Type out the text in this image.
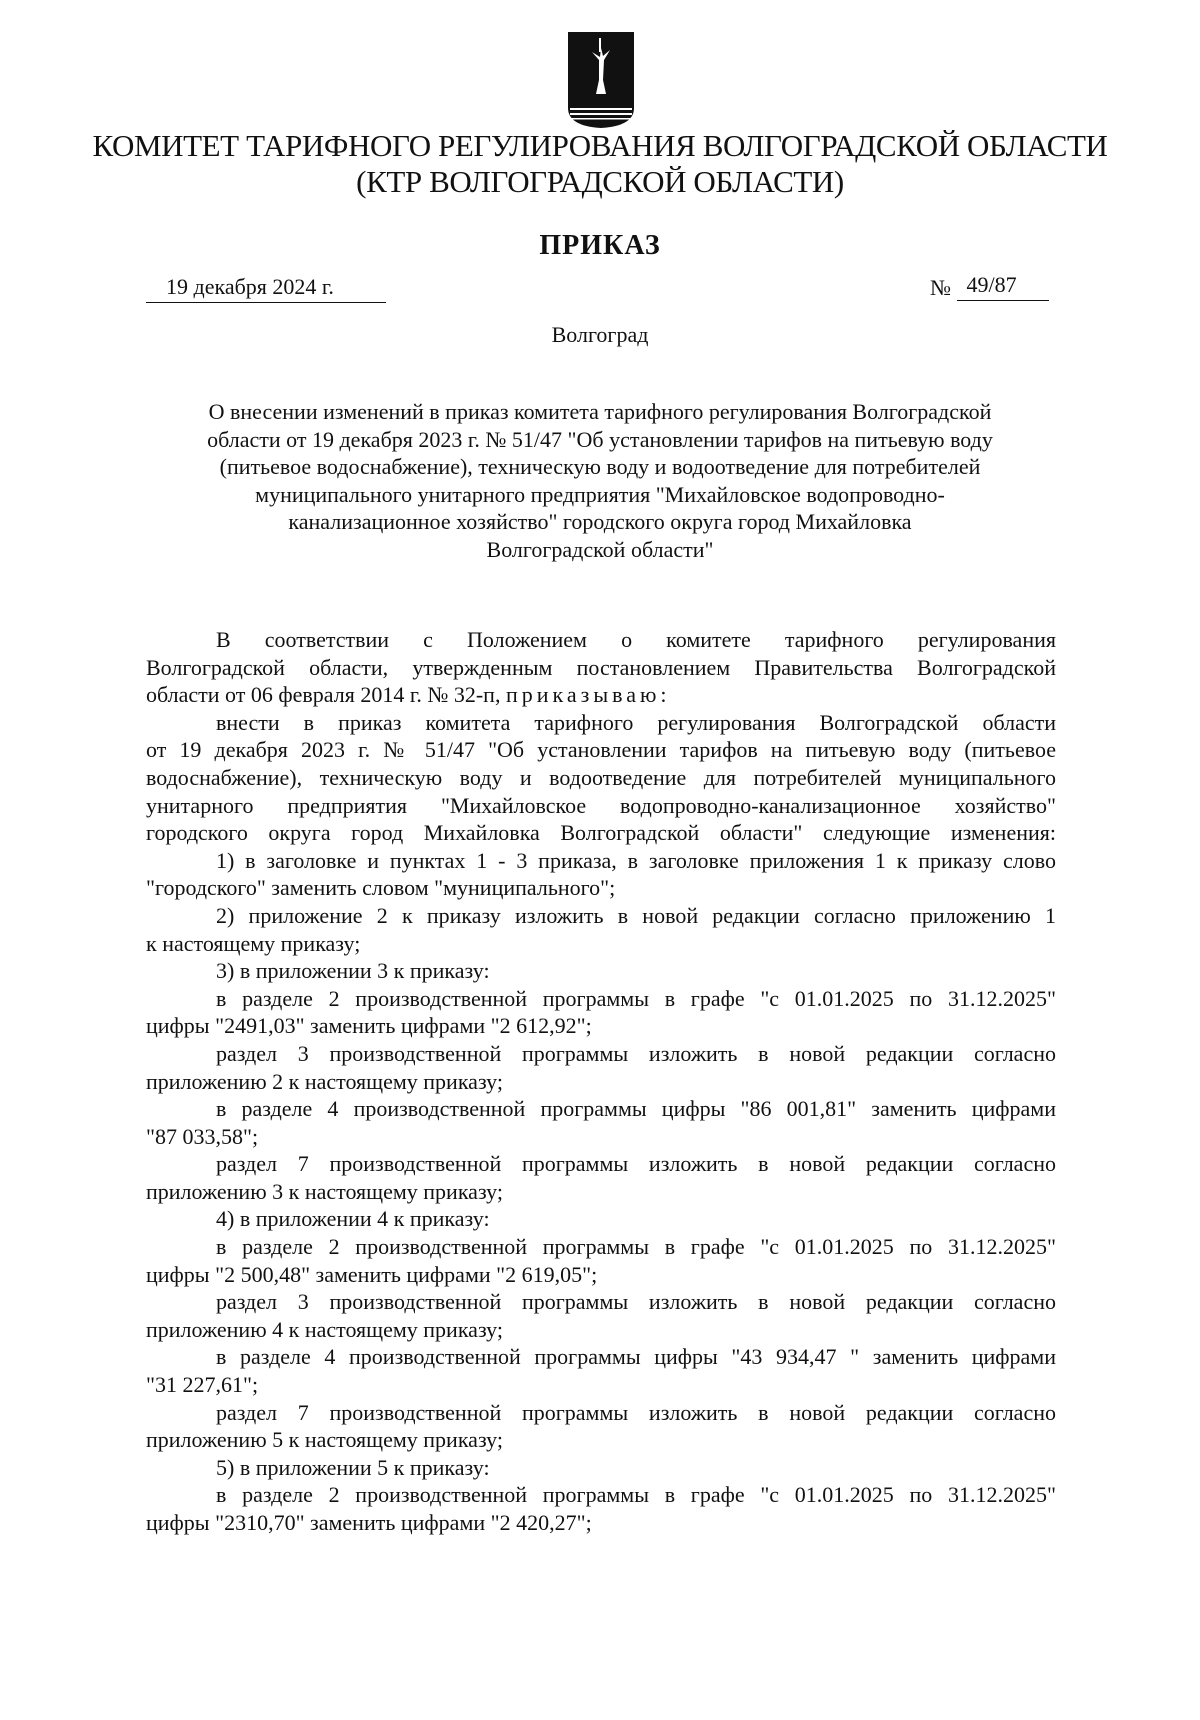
КОМИТЕТ ТАРИФНОГО РЕГУЛИРОВАНИЯ ВОЛГОГРАДСКОЙ ОБЛАСТИ
(КТР ВОЛГОГРАДСКОЙ ОБЛАСТИ)
ПРИКАЗ
19 декабря 2024 г.	№ 49/87
Волгоград
О внесении изменений в приказ комитета тарифного регулирования Волгоградской
области от 19 декабря 2023 г. № 51/47 "Об установлении тарифов на питьевую воду
(питьевое водоснабжение), техническую воду и водоотведение для потребителей
муниципального унитарного предприятия "Михайловское водопроводно-
канализационное хозяйство" городского округа город Михайловка
Волгоградской области"
В соответствии с Положением о комитете тарифного регулирования
Волгоградской области, утвержденным постановлением Правительства Волгоградской
области от 06 февраля 2014 г. № 32-п, приказываю:
внести в приказ комитета тарифного регулирования Волгоградской области
от 19 декабря 2023 г. № 51/47 "Об установлении тарифов на питьевую воду (питьевое
водоснабжение), техническую воду и водоотведение для потребителей муниципального
унитарного предприятия "Михайловское водопроводно-канализационное хозяйство"
городского округа город Михайловка Волгоградской области" следующие изменения:
1) в заголовке и пунктах 1 - 3 приказа, в заголовке приложения 1 к приказу слово
"городского" заменить словом "муниципального";
2) приложение 2 к приказу изложить в новой редакции согласно приложению 1
к настоящему приказу;
3) в приложении 3 к приказу:
в разделе 2 производственной программы в графе "с 01.01.2025 по 31.12.2025"
цифры "2491,03" заменить цифрами "2 612,92";
раздел 3 производственной программы изложить в новой редакции согласно
приложению 2 к настоящему приказу;
в разделе 4 производственной программы цифры "86 001,81" заменить цифрами
"87 033,58";
раздел 7 производственной программы изложить в новой редакции согласно
приложению 3 к настоящему приказу;
4) в приложении 4 к приказу:
в разделе 2 производственной программы в графе "с 01.01.2025 по 31.12.2025"
цифры "2 500,48" заменить цифрами "2 619,05";
раздел 3 производственной программы изложить в новой редакции согласно
приложению 4 к настоящему приказу;
в разделе 4 производственной программы цифры "43 934,47 " заменить цифрами
"31 227,61";
раздел 7 производственной программы изложить в новой редакции согласно
приложению 5 к настоящему приказу;
5) в приложении 5 к приказу:
в разделе 2 производственной программы в графе "с 01.01.2025 по 31.12.2025"
цифры "2310,70" заменить цифрами "2 420,27";
